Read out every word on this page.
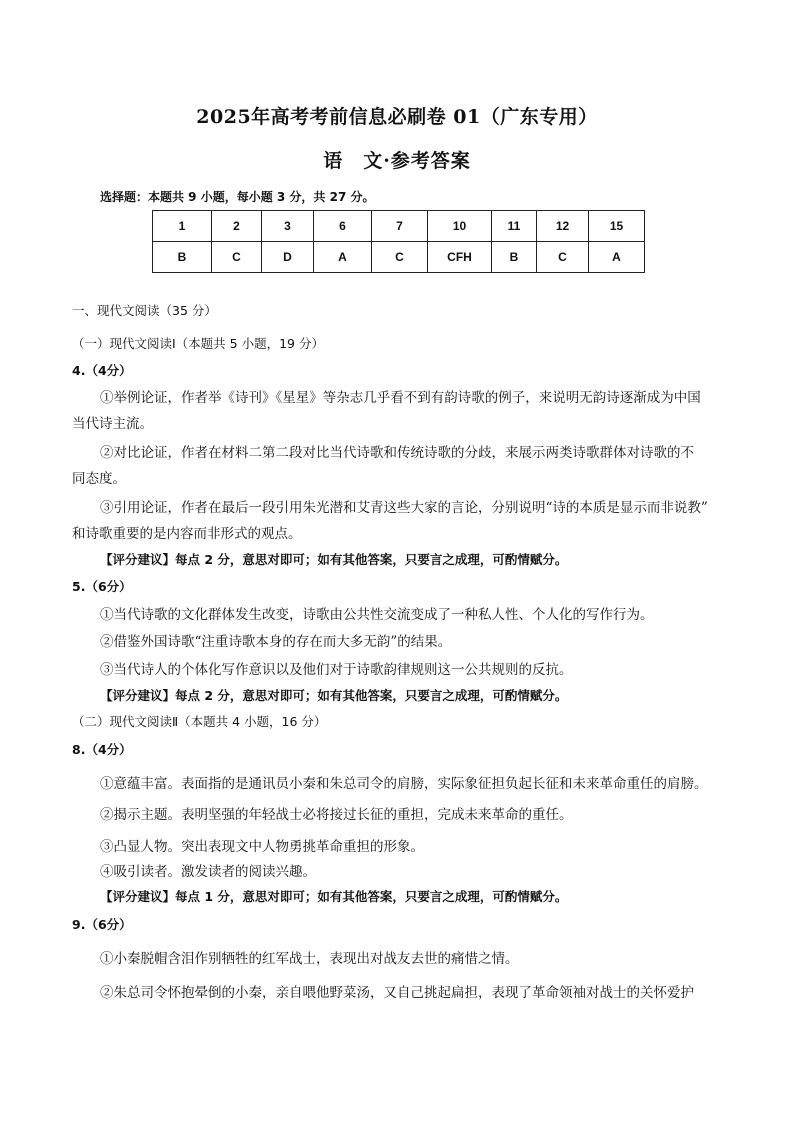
2025年高考考前信息必刷卷 01（广东专用）
语　文·参考答案
选择题：本题共 9 小题，每小题 3 分，共 27 分。
1	2	3	6	7	10	11	12	15
B	C	D	A	C	CFH	B	C	A
一、现代文阅读（35 分）
（一）现代文阅读Ⅰ（本题共 5 小题，19 分）
4.（4分）
①举例论证，作者举《诗刊》《星星》等杂志几乎看不到有韵诗歌的例子，来说明无韵诗逐渐成为中国
当代诗主流。
②对比论证，作者在材料二第二段对比当代诗歌和传统诗歌的分歧，来展示两类诗歌群体对诗歌的不
同态度。
③引用论证，作者在最后一段引用朱光潜和艾青这些大家的言论，分别说明“诗的本质是显示而非说教”
和诗歌重要的是内容而非形式的观点。
【评分建议】每点 2 分，意思对即可；如有其他答案，只要言之成理，可酌情赋分。
5.（6分）
①当代诗歌的文化群体发生改变，诗歌由公共性交流变成了一种私人性、个人化的写作行为。
②借鉴外国诗歌“注重诗歌本身的存在而大多无韵”的结果。
③当代诗人的个体化写作意识以及他们对于诗歌韵律规则这一公共规则的反抗。
【评分建议】每点 2 分，意思对即可；如有其他答案，只要言之成理，可酌情赋分。
（二）现代文阅读Ⅱ（本题共 4 小题，16 分）
8.（4分）
①意蕴丰富。表面指的是通讯员小秦和朱总司令的肩膀，实际象征担负起长征和未来革命重任的肩膀。
②揭示主题。表明坚强的年轻战士必将接过长征的重担，完成未来革命的重任。
③凸显人物。突出表现文中人物勇挑革命重担的形象。
④吸引读者。激发读者的阅读兴趣。
【评分建议】每点 1 分，意思对即可；如有其他答案，只要言之成理，可酌情赋分。
9.（6分）
①小秦脱帽含泪作别牺牲的红军战士，表现出对战友去世的痛惜之情。
②朱总司令怀抱晕倒的小秦，亲自喂他野菜汤，又自己挑起扁担，表现了革命领袖对战士的关怀爱护
